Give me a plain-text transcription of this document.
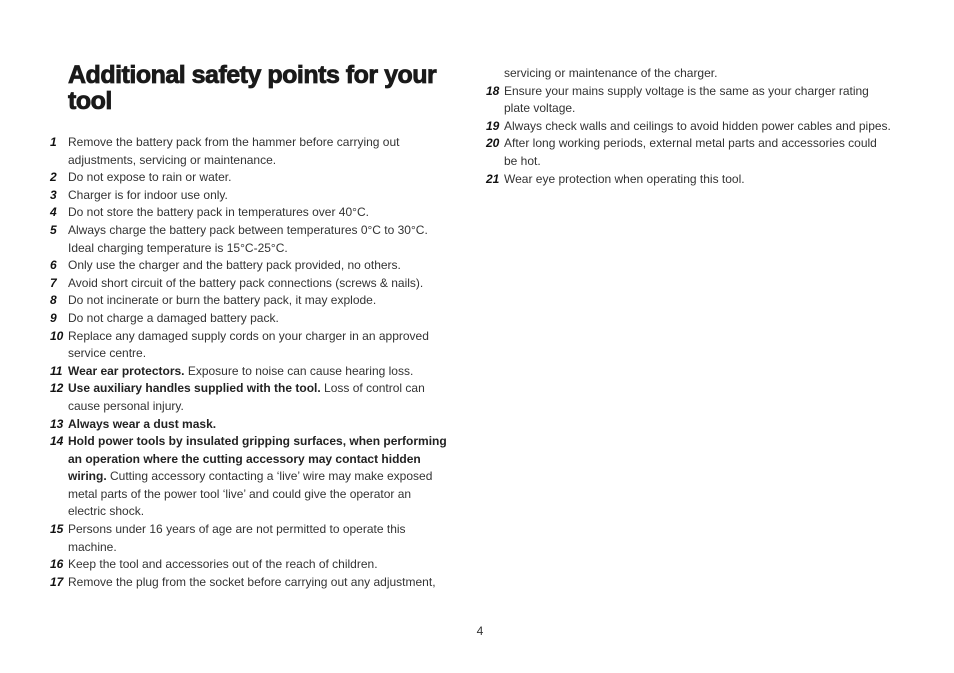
Additional safety points for your tool
1 Remove the battery pack from the hammer before carrying out adjustments, servicing or maintenance.
2 Do not expose to rain or water.
3 Charger is for indoor use only.
4 Do not store the battery pack in temperatures over 40°C.
5 Always charge the battery pack between temperatures 0°C to 30°C. Ideal charging temperature is 15°C-25°C.
6 Only use the charger and the battery pack provided, no others.
7 Avoid short circuit of the battery pack connections (screws & nails).
8 Do not incinerate or burn the battery pack, it may explode.
9 Do not charge a damaged battery pack.
10 Replace any damaged supply cords on your charger in an approved service centre.
11 Wear ear protectors. Exposure to noise can cause hearing loss.
12 Use auxiliary handles supplied with the tool. Loss of control can cause personal injury.
13 Always wear a dust mask.
14 Hold power tools by insulated gripping surfaces, when performing an operation where the cutting accessory may contact hidden wiring. Cutting accessory contacting a ‘live’ wire may make exposed metal parts of the power tool ‘live’ and could give the operator an electric shock.
15 Persons under 16 years of age are not permitted to operate this machine.
16 Keep the tool and accessories out of the reach of children.
17 Remove the plug from the socket before carrying out any adjustment,
servicing or maintenance of the charger.
18 Ensure your mains supply voltage is the same as your charger rating plate voltage.
19 Always check walls and ceilings to avoid hidden power cables and pipes.
20 After long working periods, external metal parts and accessories could be hot.
21 Wear eye protection when operating this tool.
4
